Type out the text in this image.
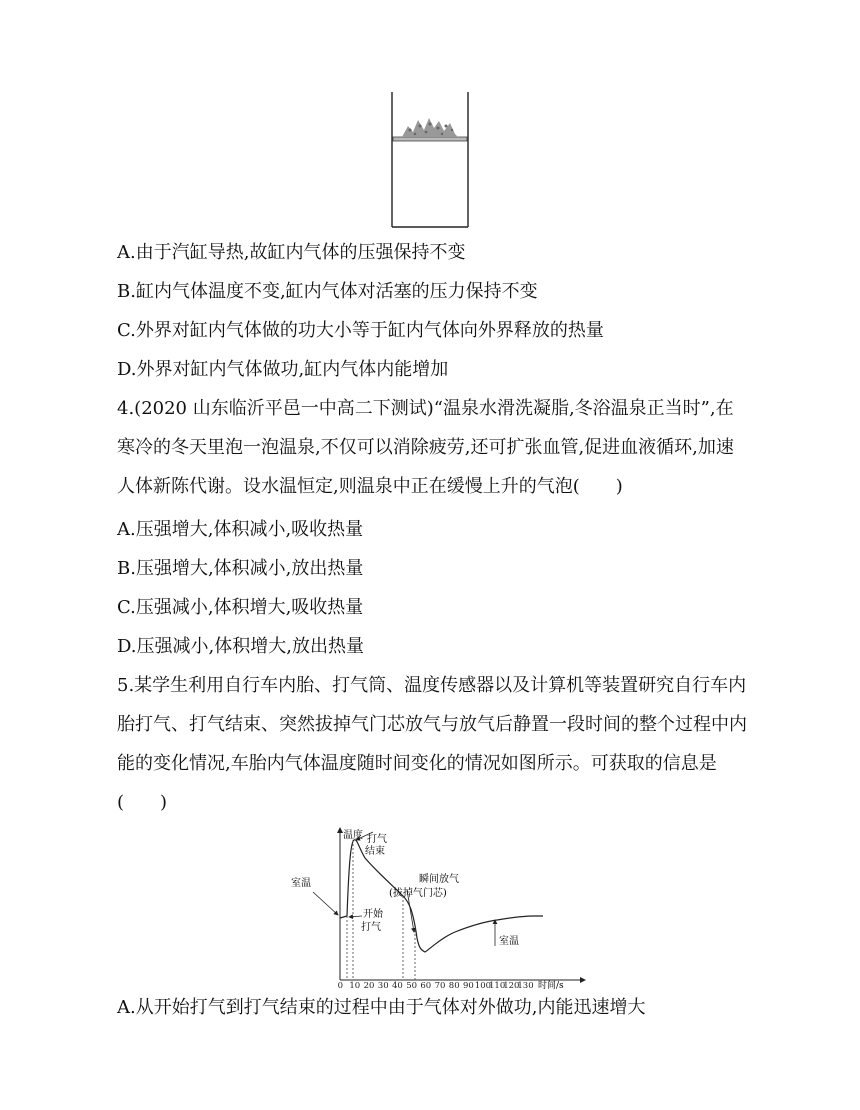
A.由于汽缸导热,故缸内气体的压强保持不变
B.缸内气体温度不变,缸内气体对活塞的压力保持不变
C.外界对缸内气体做的功大小等于缸内气体向外界释放的热量
D.外界对缸内气体做功,缸内气体内能增加
4.(2020 山东临沂平邑一中高二下测试)“温泉水滑洗凝脂,冬浴温泉正当时”,在
寒冷的冬天里泡一泡温泉,不仅可以消除疲劳,还可扩张血管,促进血液循环,加速
人体新陈代谢。设水温恒定,则温泉中正在缓慢上升的气泡(　　)
A.压强增大,体积减小,吸收热量
B.压强增大,体积减小,放出热量
C.压强减小,体积增大,吸收热量
D.压强减小,体积增大,放出热量
5.某学生利用自行车内胎、打气筒、温度传感器以及计算机等装置研究自行车内
胎打气、打气结束、突然拔掉气门芯放气与放气后静置一段时间的整个过程中内
能的变化情况,车胎内气体温度随时间变化的情况如图所示。可获取的信息是
(　　)
温度
时间/s
0 10 20 30 40 50 60 70 80 90 100
110
120
130
室温
开始
打气
打气
结束
瞬间放气
(拔掉气门芯)
室温
A.从开始打气到打气结束的过程中由于气体对外做功,内能迅速增大
